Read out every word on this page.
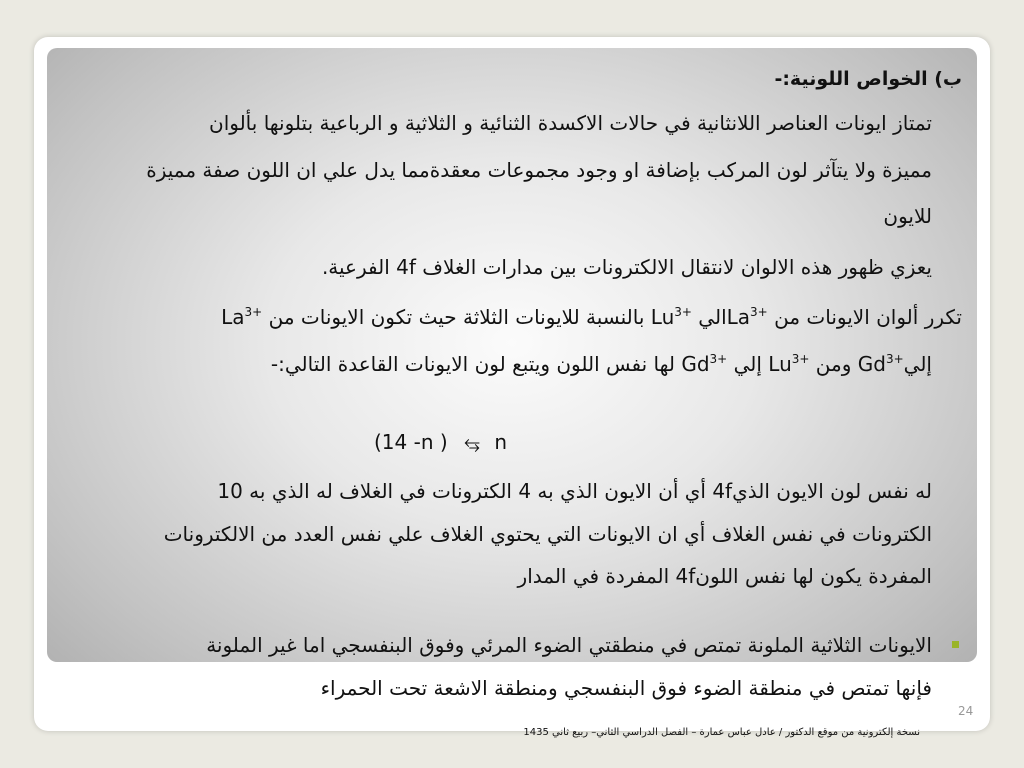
ب) الخواص اللونية:-
تمتاز ايونات العناصر اللانثانية في حالات الاكسدة الثنائية و الثلاثية و الرباعية بتلونها بألوان
مميزة ولا يتآثر لون المركب بإضافة او وجود مجموعات معقدةمما يدل علي ان اللون صفة مميزة
للايون
يعزي ظهور هذه الالوان لانتقال الالكترونات بين مدارات الغلاف 4f الفرعية.
تكرر ألوان الايونات من $La^{3+}الي$ $Lu^{3+}$ بالنسبة للايونات الثلاثة حيث تكون الايونات من $La^{3+}$
إليGd$^{3+}$ ومن $Lu^{3+}$ إلي $Gd^{3+}$ لها نفس اللون ويتبع لون الايونات القاعدة التالي:-
(14 -n ) ⥃ n
له نفس لون الايون الذي4f أي أن الايون الذي به 4 الكترونات في الغلاف له الذي به 10
الكترونات في نفس الغلاف أي ان الايونات التي يحتوي الغلاف علي نفس العدد من الالكترونات
المفردة يكون لها نفس اللون4f المفردة في المدار
الايونات الثلاثية الملونة تمتص في منطقتي الضوء المرئي وفوق البنفسجي اما غير الملونة
فإنها تمتص في منطقة الضوء فوق البنفسجي ومنطقة الاشعة تحت الحمراء
24
نسخة إلكترونية من موقع الدكتور / عادل عباس عمارة – الفصل الدراسي الثاني– ربيع ثاني 1435
